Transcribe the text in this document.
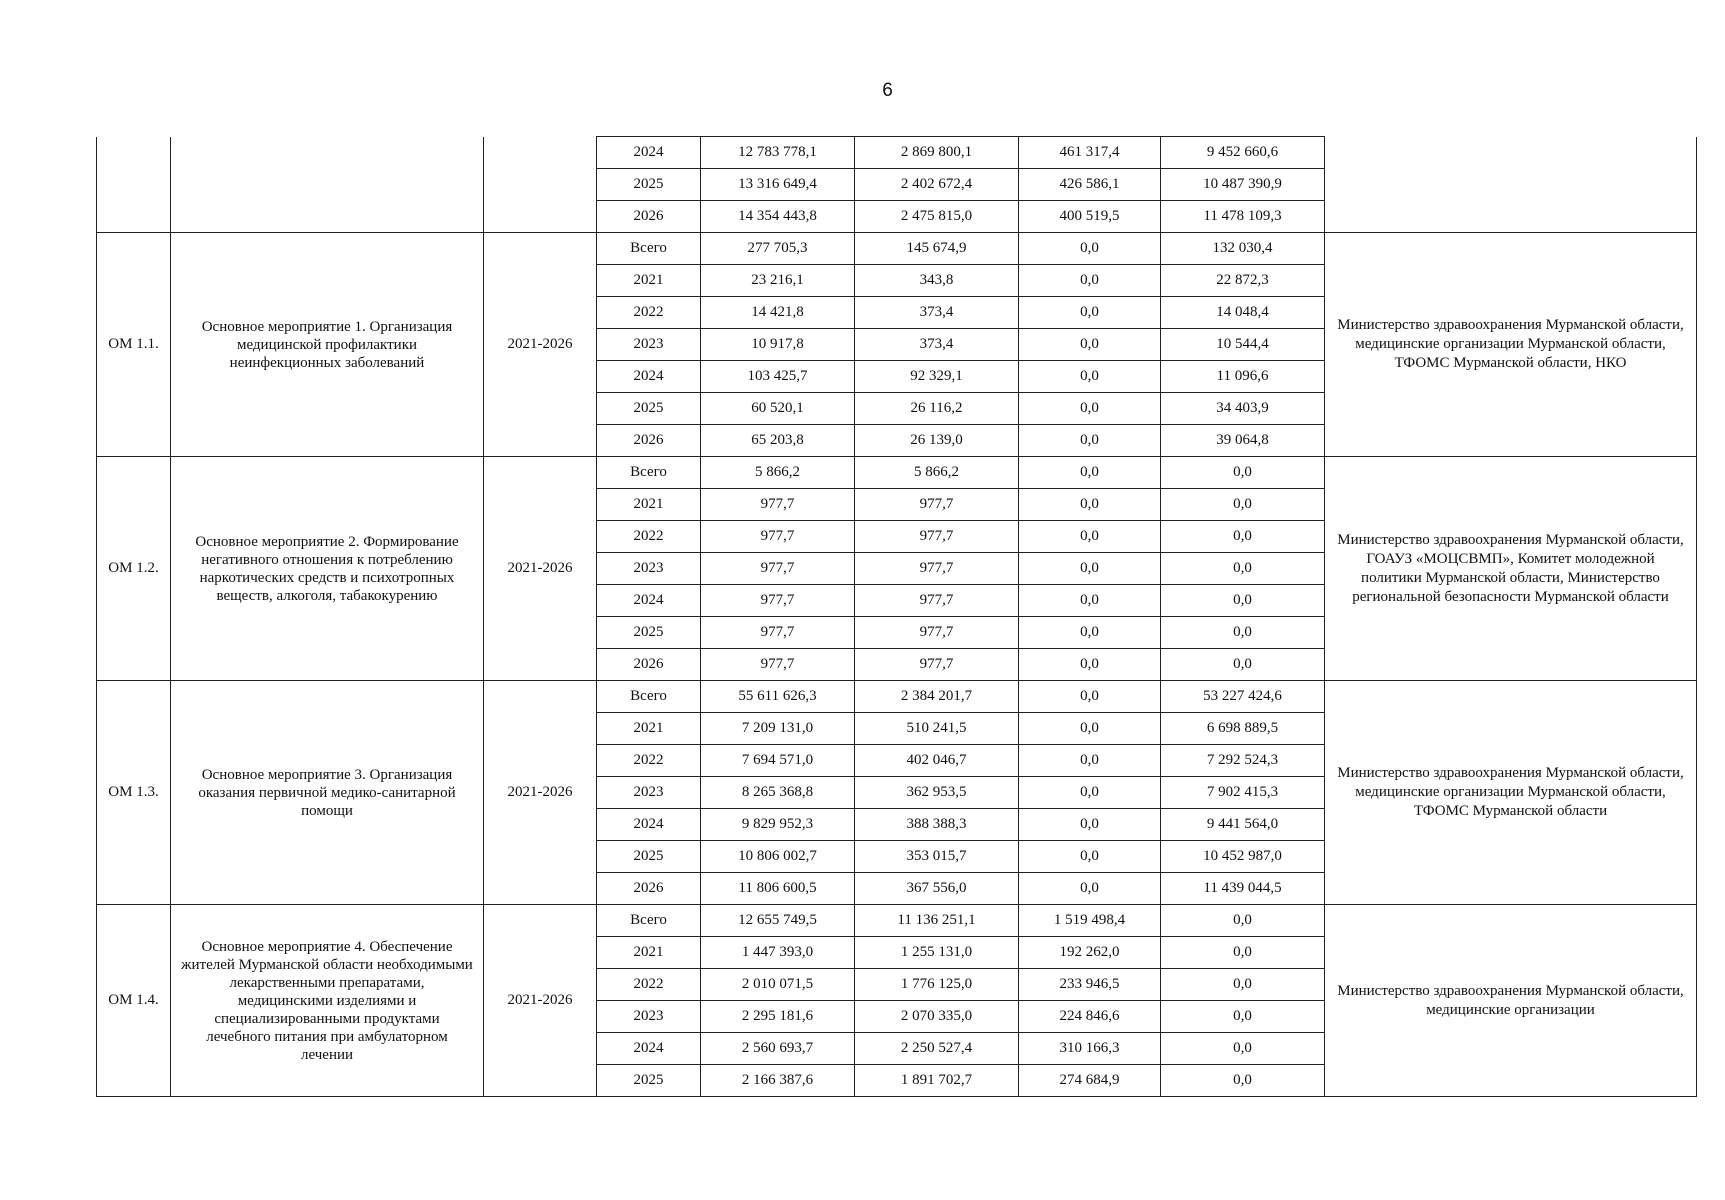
6
			2024	12 783 778,1	2 869 800,1	461 317,4	9 452 660,6	
			2025	13 316 649,4	2 402 672,4	426 586,1	10 487 390,9	
			2026	14 354 443,8	2 475 815,0	400 519,5	11 478 109,3	
ОМ 1.1.	Основное мероприятие 1. Организация медицинской профилактики неинфекционных заболеваний	2021-2026	Всего	277 705,3	145 674,9	0,0	132 030,4	Министерство здравоохранения Мурманской области, медицинские организации Мурманской области, ТФОМС Мурманской области, НКО
			2021	23 216,1	343,8	0,0	22 872,3	
			2022	14 421,8	373,4	0,0	14 048,4	
			2023	10 917,8	373,4	0,0	10 544,4	
			2024	103 425,7	92 329,1	0,0	11 096,6	
			2025	60 520,1	26 116,2	0,0	34 403,9	
			2026	65 203,8	26 139,0	0,0	39 064,8	
ОМ 1.2.	Основное мероприятие 2. Формирование негативного отношения к потреблению наркотических средств и психотропных веществ, алкоголя, табакокурению	2021-2026	Всего	5 866,2	5 866,2	0,0	0,0	Министерство здравоохранения Мурманской области, ГОАУЗ «МОЦСВМП», Комитет молодежной политики Мурманской области, Министерство региональной безопасности Мурманской области
			2021	977,7	977,7	0,0	0,0	
			2022	977,7	977,7	0,0	0,0	
			2023	977,7	977,7	0,0	0,0	
			2024	977,7	977,7	0,0	0,0	
			2025	977,7	977,7	0,0	0,0	
			2026	977,7	977,7	0,0	0,0	
ОМ 1.3.	Основное мероприятие 3. Организация оказания первичной медико-санитарной помощи	2021-2026	Всего	55 611 626,3	2 384 201,7	0,0	53 227 424,6	Министерство здравоохранения Мурманской области, медицинские организации Мурманской области, ТФОМС Мурманской области
			2021	7 209 131,0	510 241,5	0,0	6 698 889,5	
			2022	7 694 571,0	402 046,7	0,0	7 292 524,3	
			2023	8 265 368,8	362 953,5	0,0	7 902 415,3	
			2024	9 829 952,3	388 388,3	0,0	9 441 564,0	
			2025	10 806 002,7	353 015,7	0,0	10 452 987,0	
			2026	11 806 600,5	367 556,0	0,0	11 439 044,5	
ОМ 1.4.	Основное мероприятие 4. Обеспечение жителей Мурманской области необходимыми лекарственными препаратами, медицинскими изделиями и специализированными продуктами лечебного питания при амбулаторном лечении	2021-2026	Всего	12 655 749,5	11 136 251,1	1 519 498,4	0,0	Министерство здравоохранения Мурманской области, медицинские организации
			2021	1 447 393,0	1 255 131,0	192 262,0	0,0	
			2022	2 010 071,5	1 776 125,0	233 946,5	0,0	
			2023	2 295 181,6	2 070 335,0	224 846,6	0,0	
			2024	2 560 693,7	2 250 527,4	310 166,3	0,0	
			2025	2 166 387,6	1 891 702,7	274 684,9	0,0	
